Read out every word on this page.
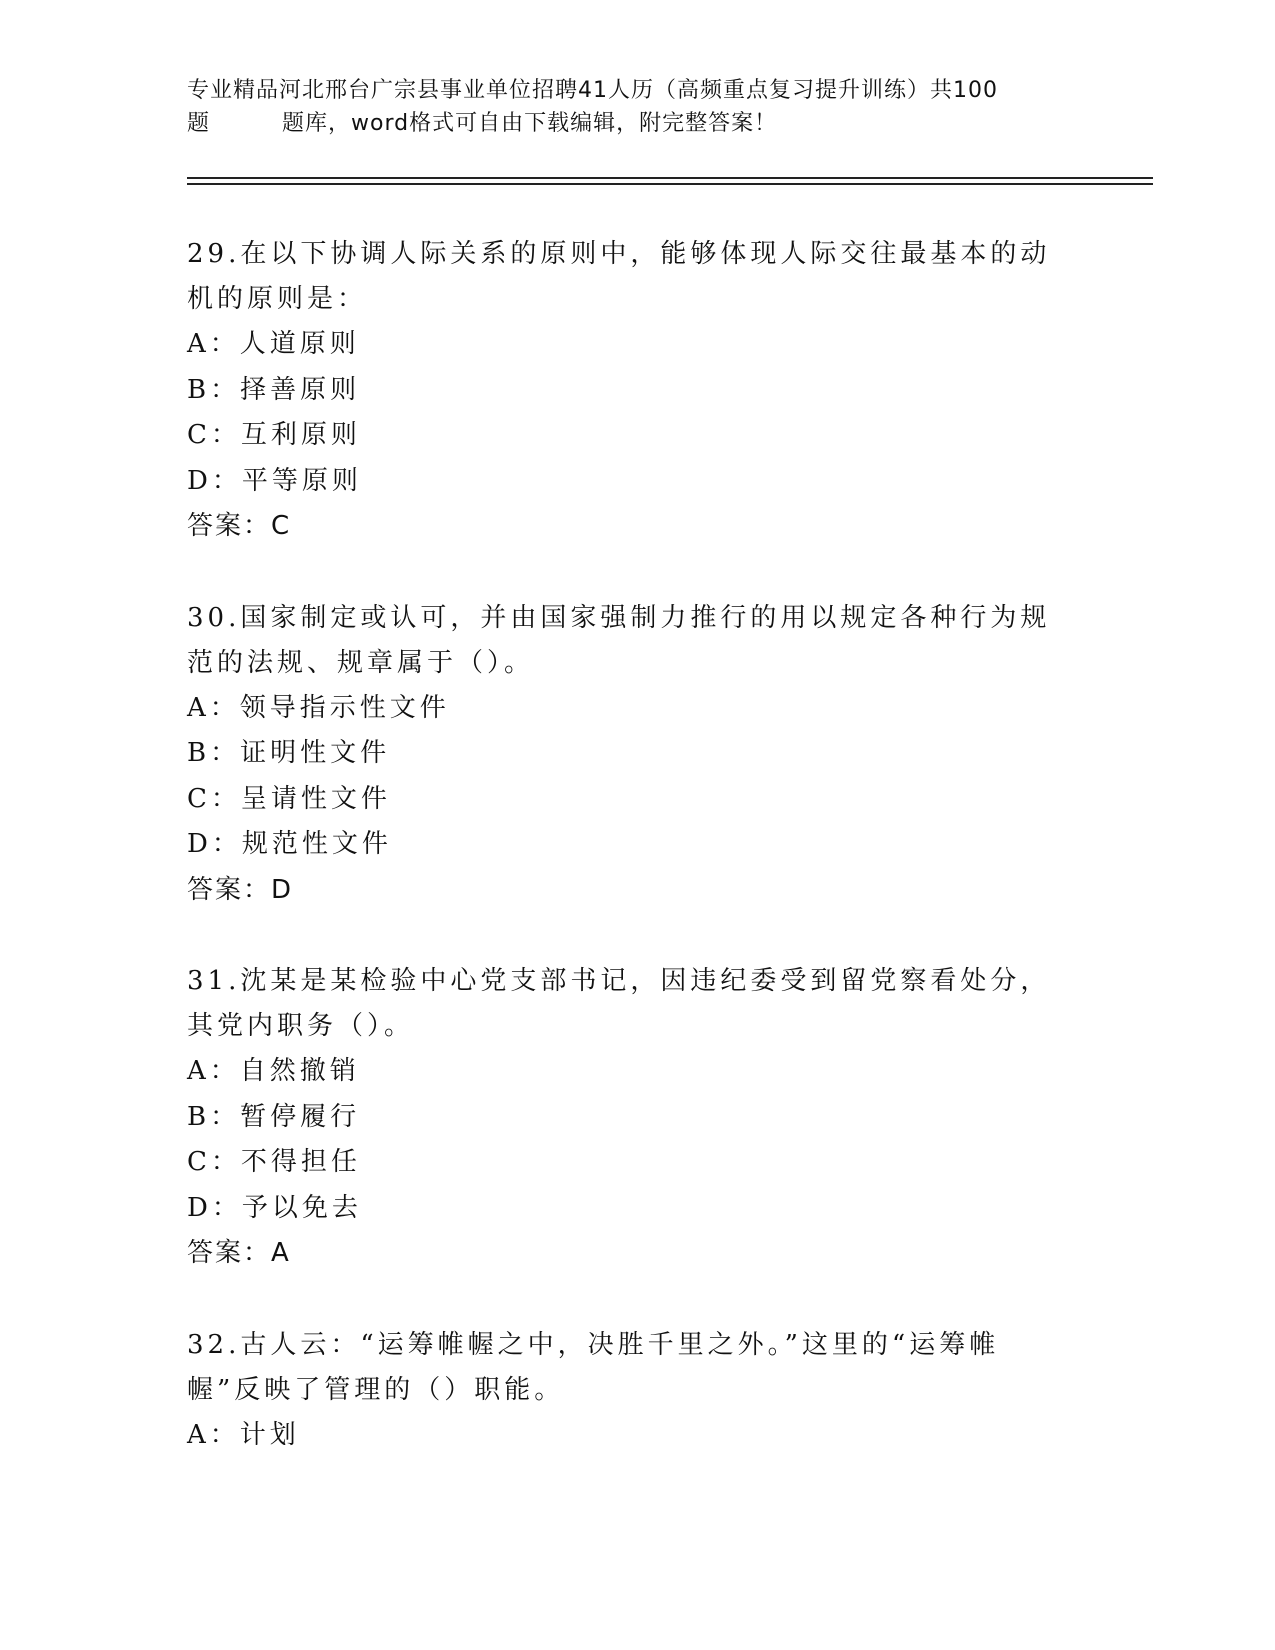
专业精品河北邢台广宗县事业单位招聘41人历（高频重点复习提升训练）共100
题	题库，word格式可自由下载编辑，附完整答案！
29.在以下协调人际关系的原则中，能够体现人际交往最基本的动机的原则是：
A：人道原则
B：择善原则
C：互利原则
D：平等原则
答案：C
30.国家制定或认可，并由国家强制力推行的用以规定各种行为规范的法规、规章属于（）。
A：领导指示性文件
B：证明性文件
C：呈请性文件
D：规范性文件
答案：D
31.沈某是某检验中心党支部书记，因违纪委受到留党察看处分，其党内职务（）。
A：自然撤销
B：暂停履行
C：不得担任
D：予以免去
答案：A
32.古人云：“运筹帷幄之中，决胜千里之外。”这里的“运筹帷幄”反映了管理的（）职能。
A：计划
